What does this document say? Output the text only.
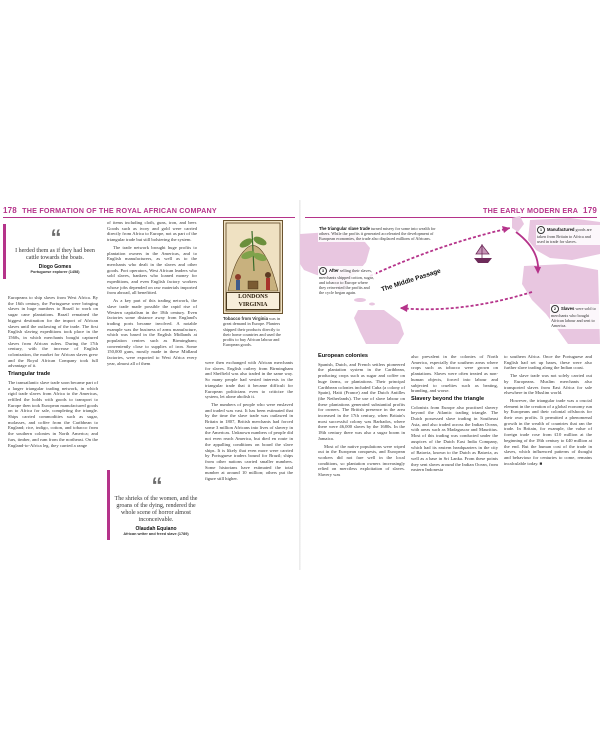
178 THE FORMATION OF THE ROYAL AFRICAN COMPANY
“
I herded them as if they had been cattle towards the boats.
Diogo Gomes
Portuguese explorer (1458)

Europeans to ship slaves from West Africa. By the 16th century, the Portuguese were bringing slaves in huge numbers to Brazil to work on sugar cane plantations. Brazil remained the biggest destination for the import of African slaves until the outlawing of the trade. The first English slaving expeditions took place in the 1560s, in which merchants bought captured slaves from African rulers. During the 17th century, with the increase of English colonization, the market for African slaves grew and the Royal African Company took full advantage of it.

Triangular trade

The transatlantic slave trade soon became part of a larger triangular trading network, in which rigid trade slaves from Africa to the Americas, refilled the holds with goods to transport to Europe then took European manufactured goods on to Africa for sale, completing the triangle. Ships carried commodities such as sugar, molasses, and coffee from the Caribbean to England; rice, indigo, cotton, and tobacco from the southern colonies in North America; and furs, timber, and rum from the northeast. On the England-to-Africa leg, they carried a range

of items including cloth, guns, iron, and beer. Goods such as ivory and gold were carried directly from Africa to Europe, not as part of the triangular trade but still bolstering the system.

The trade network brought huge profits to plantation owners in the Americas, and to English manufacturers, as well as to the merchants who dealt in the slaves and other goods. Port operators, West African leaders who sold slaves, bankers who loaned money for expeditions, and even English factory workers whose jobs depended on raw materials imported from abroad, all benefitted.

As a key part of this trading network, the slave trade made possible the rapid rise of Western capitalism in the 18th century. Even factories some distance away from England's trading ports became involved. A notable example was the business of arms manufacture, which was based in the English Midlands at population centres such as Birmingham; conveniently close to supplies of iron. Some 150,000 guns, mostly made in these Midland factories, were exported to West Africa every year, almost all of them

“
The shrieks of the women, and the groans of the dying, rendered the whole scene of horror almost inconceivable.
Olaudah Equiano
African writer and freed slave (1789)
LONDONS VIRGINIA
Tobacco from Virginia was in great demand in Europe. Planters shipped their products directly to their home countries and used the profits to buy African labour and European goods.

were then exchanged with African merchants for slaves. English cutlery from Birmingham and Sheffield was also traded in the same way. So many people had vested interests in the triangular trade that it became difficult for European politicians even to criticize the system, let alone abolish it.

The numbers of people who were enslaved and traded was vast. It has been estimated that by the time the slave trade was outlawed in Britain in 1807, British merchants had forced some 3 million Africans into lives of slavery in the Americas. Unknown numbers of people did not even reach America, but died en route in the appalling conditions on board the slave ships. It is likely that even more were carried by Portuguese traders bound for Brazil; ships from other nations carried smaller numbers. Some historians have estimated the total number at around 10 million; others put the figure still higher.

THE EARLY MODERN ERA 179
The triangular slave trade turned misery for some into wealth for others. While the profits it generated accelerated the development of European economies, the trade also displaced millions of Africans.
3 After selling their slaves, merchants shipped cotton, sugar, and tobacco to Europe where they reinvested the profits and the cycle began again.
1 Manufactured goods are taken from Britain to Africa and used in trade for slaves.
2 Slaves were sold to merchants who bought African labour and sent to America.
The Middle Passage
European colonies

Spanish, Dutch, and French settlers pioneered the plantation system in the Caribbean, producing crops such as sugar and coffee on huge farms, or plantations. Their principal Caribbean colonies included Cuba (a colony of Spain), Haiti (France) and the Dutch Antilles (the Netherlands). The use of slave labour on these plantations generated substantial profits for owners. The British presence in the area increased in the 17th century, when Britain's most successful colony was Barbados, where there were 46,000 slaves by the 1680s. In the 18th century there was also a sugar boom in Jamaica.

Most of the native populations were wiped out in the European conquests, and European workers did not fare well in the local conditions, so plantation owners increasingly relied on merciless exploitation of slaves. Slavery was

also prevalent in the colonies of North America, especially the southern areas where crops such as tobacco were grown on plantations. Slaves were often treated as non-human objects, forced into labour and subjected to cruelties such as beating, branding, and worse.

Slavery beyond the triangle

Colonists from Europe also practised slavery beyond the Atlantic trading triangle. The Dutch possessed slave trading in Southeast Asia, and also traded across the Indian Ocean, with areas such as Madagascar and Mauritius. Most of this trading was conducted under the auspices of the Dutch East India Company, which had its eastern headquarters in the city of Batavia, known to the Dutch as Batavia, as well as a base in Sri Lanka. From these points they sent slaves around the Indian Ocean, from eastern Indonesia

to southern Africa. Once the Portuguese and English had set up bases, these were also further slave trading along the Indian coast.

The slave trade was not solely carried out by Europeans. Muslim merchants also transported slaves from East Africa for sale elsewhere in the Muslim world.

However, the triangular trade was a crucial element in the creation of a global economy run by Europeans and their colonial offshoots for their own profits. It permitted a phenomenal growth in the wealth of countries that ran the trade. In Britain, for example, the value of foreign trade rose from £10 million at the beginning of the 18th century to £40 million at the end. But the human cost of the trade in slaves, which influenced patterns of thought and behaviour for centuries to come, remains incalculable today. ■
